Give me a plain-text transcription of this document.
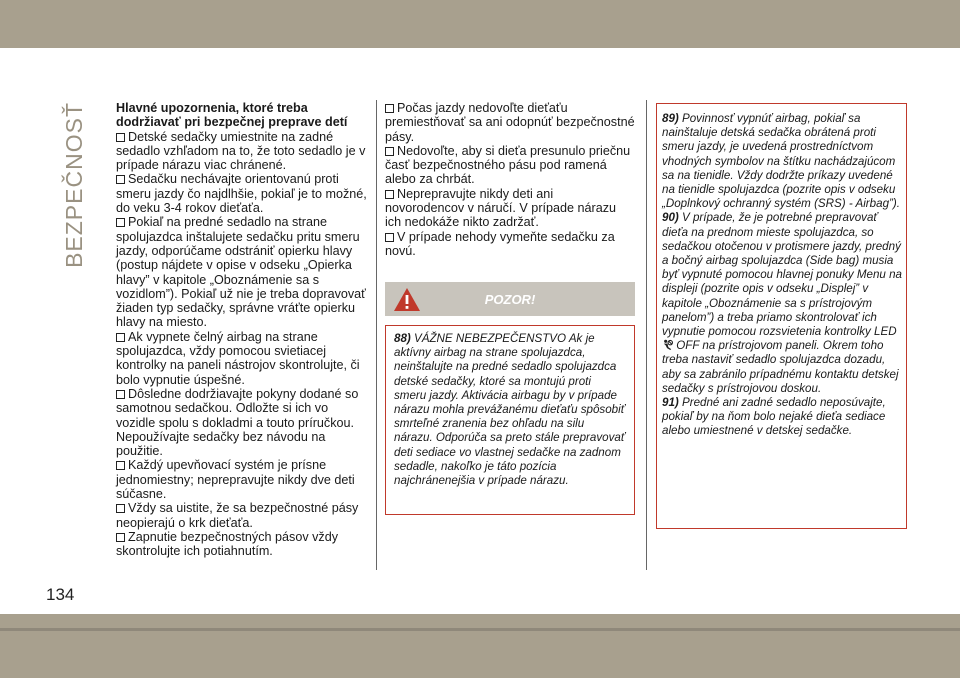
BEZPEČNOSŤ
134

Hlavné upozornenia, ktoré treba dodržiavať pri bezpečnej preprave detí

Detské sedačky umiestnite na zadné sedadlo vzhľadom na to, že toto sedadlo je v prípade nárazu viac chránené.

Sedačku nechávajte orientovanú proti smeru jazdy čo najdlhšie, pokiaľ je to možné, do veku 3-4 rokov dieťaťa.

Pokiaľ na predné sedadlo na strane spolujazdca inštalujete sedačku pritu smeru jazdy, odporúčame odstrániť opierku hlavy (postup nájdete v opise v odseku „Opierka hlavy” v kapitole „Oboznámenie sa s vozidlom”). Pokiaľ už nie je treba dopravovať žiaden typ sedačky, správne vráťte opierku hlavy na miesto.

Ak vypnete čelný airbag na strane spolujazdca, vždy pomocou svietiacej kontrolky na paneli nástrojov skontrolujte, či bolo vypnutie úspešné.

Dôsledne dodržiavajte pokyny dodané so samotnou sedačkou. Odložte si ich vo vozidle spolu s dokladmi a touto príručkou. Nepoužívajte sedačky bez návodu na použitie.

Každý upevňovací systém je prísne jednomiestny; neprepravujte nikdy dve deti súčasne.

Vždy sa uistite, že sa bezpečnostné pásy neopierajú o krk dieťaťa.

Zapnutie bezpečnostných pásov vždy skontrolujte ich potiahnutím.

Počas jazdy nedovoľte dieťaťu premiestňovať sa ani odopnúť bezpečnostné pásy.

Nedovoľte, aby si dieťa presunulo priečnu časť bezpečnostného pásu pod ramená alebo za chrbát.

Neprepravujte nikdy deti ani novorodencov v náručí. V prípade nárazu ich nedokáže nikto zadržať.

V prípade nehody vymeňte sedačku za novú.

POZOR!
88) VÁŽNE NEBEZPEČENSTVO Ak je aktívny airbag na strane spolujazdca, neinštalujte na predné sedadlo spolujazdca detské sedačky, ktoré sa montujú proti smeru jazdy. Aktivácia airbagu by v prípade nárazu mohla prevážanému dieťaťu spôsobiť smrteľné zranenia bez ohľadu na silu nárazu. Odporúča sa preto stále prepravovať deti sediace vo vlastnej sedačke na zadnom sedadle, nakoľko je táto pozícia najchránenejšia v prípade nárazu.

89) Povinnosť vypnúť airbag, pokiaľ sa nainštaluje detská sedačka obrátená proti smeru jazdy, je uvedená prostredníctvom vhodných symbolov na štítku nachádzajúcom sa na tienidle. Vždy dodržte príkazy uvedené na tienidle spolujazdca (pozrite opis v odseku „Doplnkový ochranný systém (SRS) - Airbag”).

90) V prípade, že je potrebné prepravovať dieťa na prednom mieste spolujazdca, so sedačkou otočenou v protismere jazdy, predný a bočný airbag spolujazdca (Side bag) musia byť vypnuté pomocou hlavnej ponuky Menu na displeji (pozrite opis v odseku „Displej” v kapitole „Oboznámenie sa s prístrojovým panelom”) a treba priamo skontrolovať ich vypnutie pomocou rozsvietenia kontrolky LED  OFF na prístrojovom paneli. Okrem toho treba nastaviť sedadlo spolujazdca dozadu, aby sa zabránilo prípadnému kontaktu detskej sedačky s prístrojovou doskou.

91) Predné ani zadné sedadlo neposúvajte, pokiaľ by na ňom bolo nejaké dieťa sediace alebo umiestnené v detskej sedačke.
